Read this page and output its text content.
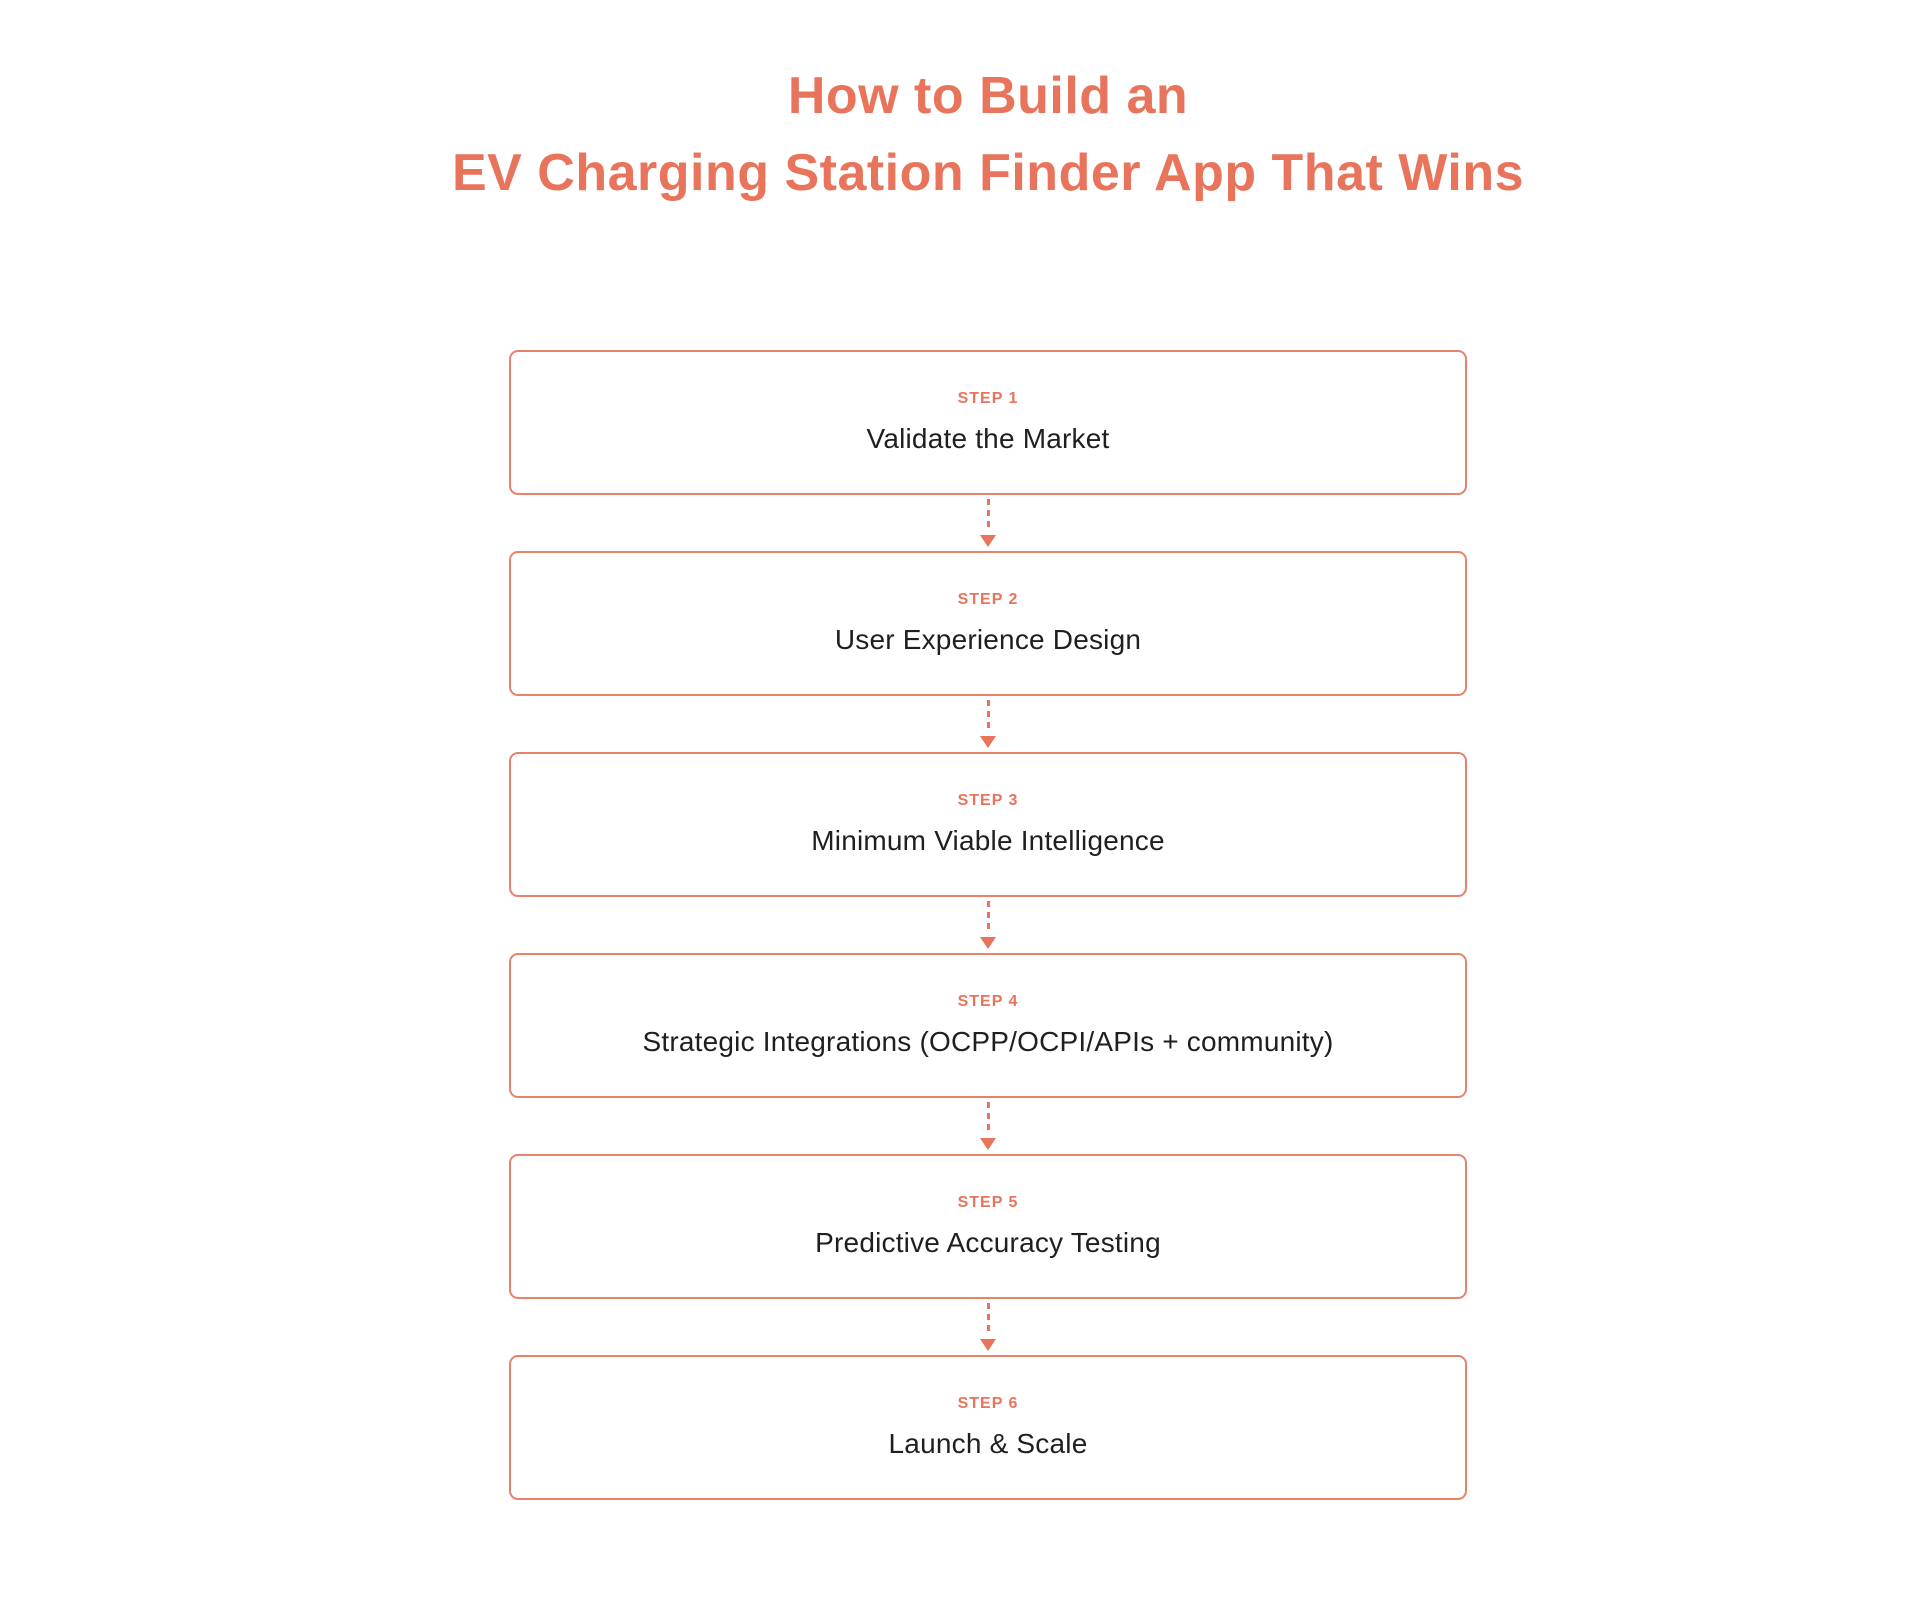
How to Build an
EV Charging Station Finder App That Wins
STEP 1
Validate the Market
STEP 2
User Experience Design
STEP 3
Minimum Viable Intelligence
STEP 4
Strategic Integrations (OCPP/OCPI/APIs + community)
STEP 5
Predictive Accuracy Testing
STEP 6
Launch & Scale
